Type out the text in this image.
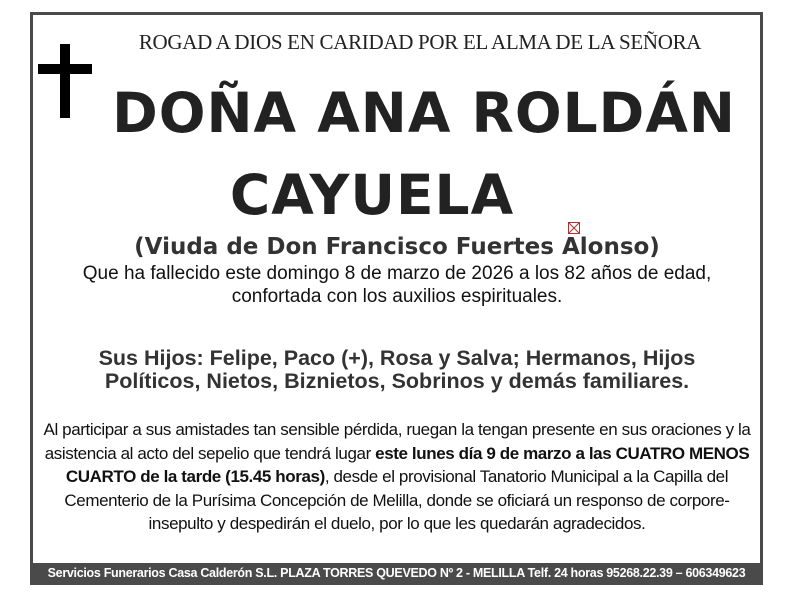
ROGAD A DIOS EN CARIDAD POR EL ALMA DE LA SEÑORA
DOÑA ANA ROLDÁN
CAYUELA
(Viuda de Don Francisco Fuertes Alonso)
Que ha fallecido este domingo 8 de marzo de 2026 a los 82 años de edad, confortada con los auxilios espirituales.
Sus Hijos: Felipe, Paco (+), Rosa y Salva; Hermanos, Hijos Políticos, Nietos, Biznietos, Sobrinos y demás familiares.
Al participar a sus amistades tan sensible pérdida, ruegan la tengan presente en sus oraciones y la asistencia al acto del sepelio que tendrá lugar este lunes día 9 de marzo a las CUATRO MENOS CUARTO de la tarde (15.45 horas), desde el provisional Tanatorio Municipal a la Capilla del Cementerio de la Purísima Concepción de Melilla, donde se oficiará un responso de corpore-insepulto y despedirán el duelo, por lo que les quedarán agradecidos.
Servicios Funerarios Casa Calderón S.L. PLAZA TORRES QUEVEDO Nº 2 - MELILLA Telf. 24 horas 95268.22.39 – 606349623
